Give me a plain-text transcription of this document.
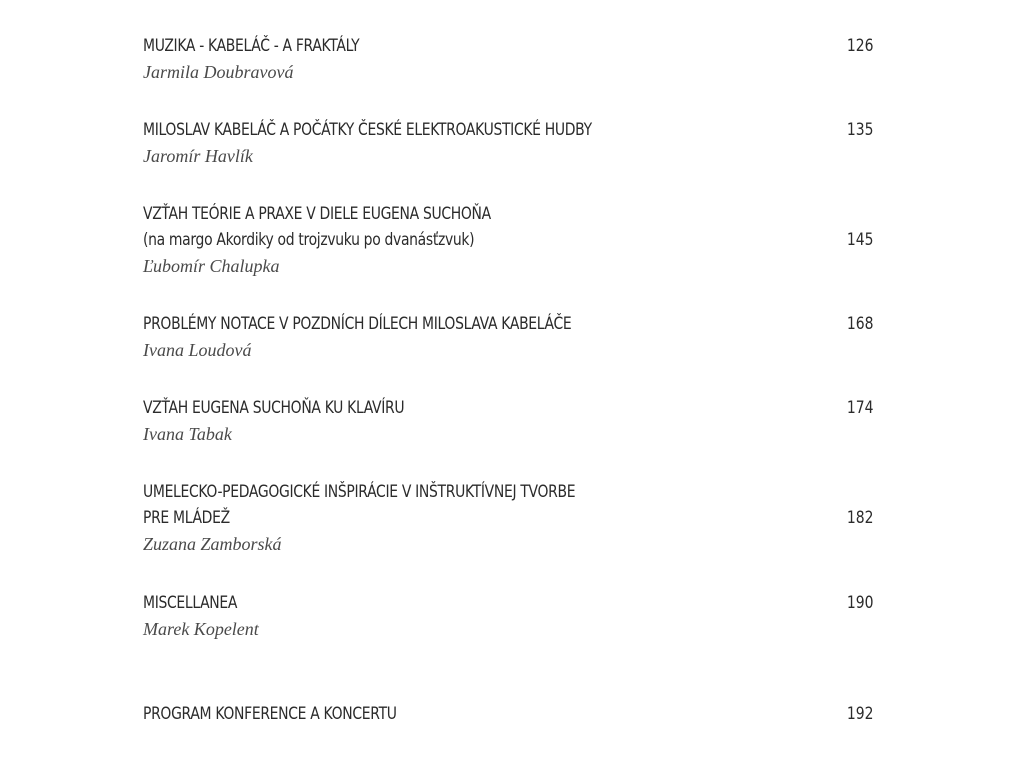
MUZIKA - KABELÁČ - A FRAKTÁLY	126
Jarmila Doubravová
MILOSLAV KABELÁČ A POČÁTKY ČESKÉ ELEKTROAKUSTICKÉ HUDBY	135
Jaromír Havlík
VZŤAH TEÓRIE A PRAXE V DIELE EUGENA SUCHOŇA
(na margo Akordiky od trojzvuku po dvanásťzvuk)	145
Ľubomír Chalupka
PROBLÉMY NOTACE V POZDNÍCH DÍLECH MILOSLAVA KABELÁČE	168
Ivana Loudová
VZŤAH EUGENA SUCHOŇA KU KLAVÍRU	174
Ivana Tabak
UMELECKO-PEDAGOGICKÉ INŠPIRÁCIE V INŠTRUKTÍVNEJ TVORBE
PRE MLÁDEŽ	182
Zuzana Zamborská
MISCELLANEA	190
Marek Kopelent
PROGRAM KONFERENCE A KONCERTU	192
